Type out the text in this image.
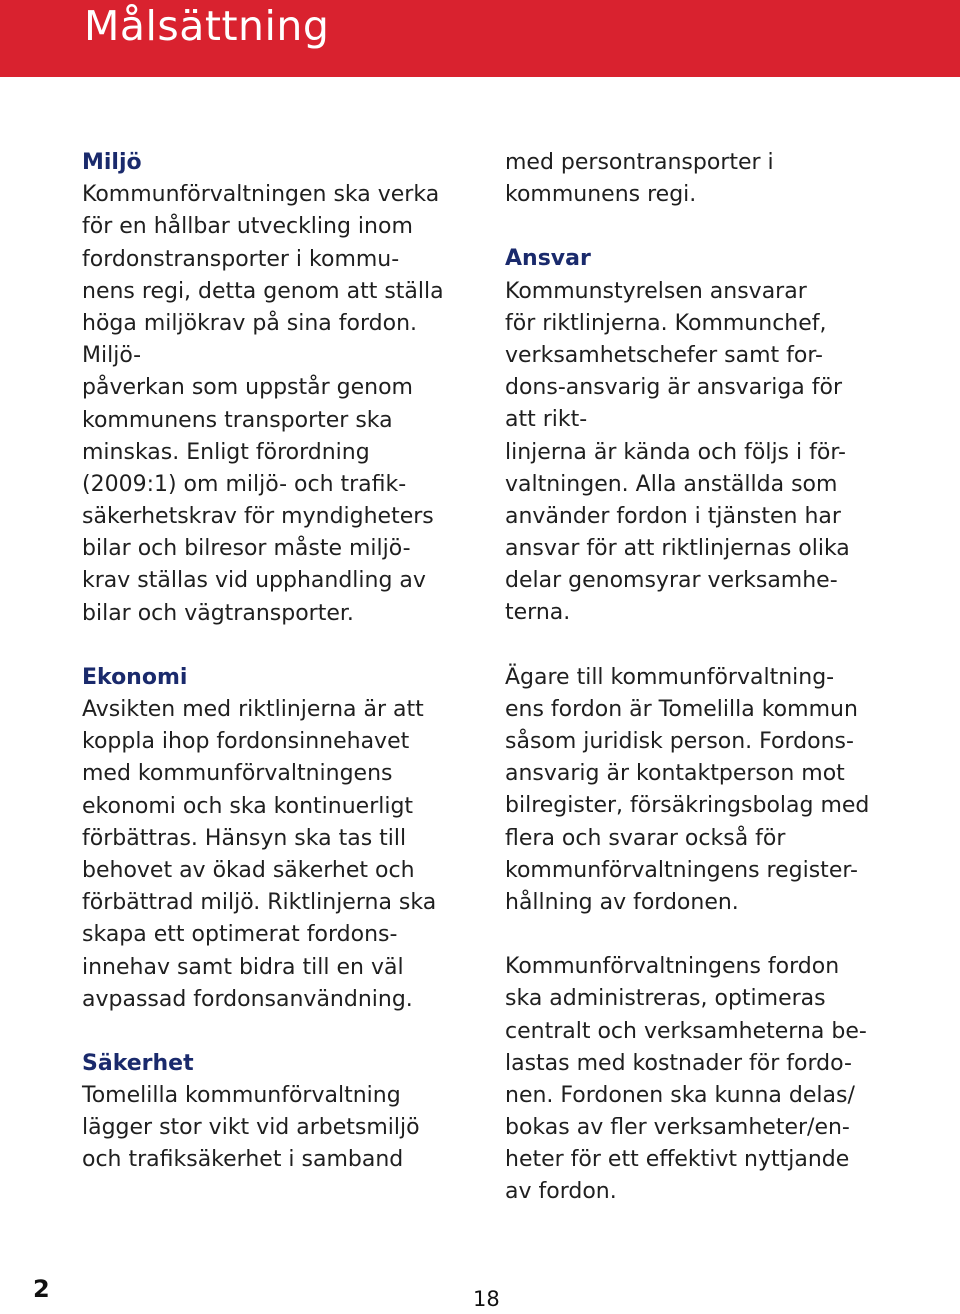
Målsättning
Miljö
Kommunförvaltningen ska verka
för en hållbar utveckling inom
fordonstransporter i kommu-
nens regi, detta genom att ställa
höga miljökrav på sina fordon.
Miljö-
påverkan som uppstår genom
kommunens transporter ska
minskas. Enligt förordning
(2009:1) om miljö- och trafik-
säkerhetskrav för myndigheters
bilar och bilresor måste miljö-
krav ställas vid upphandling av
bilar och vägtransporter.
Ekonomi
Avsikten med riktlinjerna är att
koppla ihop fordonsinnehavet
med kommunförvaltningens
ekonomi och ska kontinuerligt
förbättras. Hänsyn ska tas till
behovet av ökad säkerhet och
förbättrad miljö. Riktlinjerna ska
skapa ett optimerat fordons-
innehav samt bidra till en väl
avpassad fordonsanvändning.
Säkerhet
Tomelilla kommunförvaltning
lägger stor vikt vid arbetsmiljö
och trafiksäkerhet i samband
med persontransporter i
kommunens regi.
Ansvar
Kommunstyrelsen ansvarar
för riktlinjerna. Kommunchef,
verksamhetschefer samt for-
dons-ansvarig är ansvariga för
att rikt-
linjerna är kända och följs i för-
valtningen. Alla anställda som
använder fordon i tjänsten har
ansvar för att riktlinjernas olika
delar genomsyrar verksamhe-
terna.
Ägare till kommunförvaltning-
ens fordon är Tomelilla kommun
såsom juridisk person. Fordons-
ansvarig är kontaktperson mot
bilregister, försäkringsbolag med
flera och svarar också för
kommunförvaltningens register-
hållning av fordonen.
Kommunförvaltningens fordon
ska administreras, optimeras
centralt och verksamheterna be-
lastas med kostnader för fordo-
nen. Fordonen ska kunna delas/
bokas av fler verksamheter/en-
heter för ett effektivt nyttjande
av fordon.
2	18
